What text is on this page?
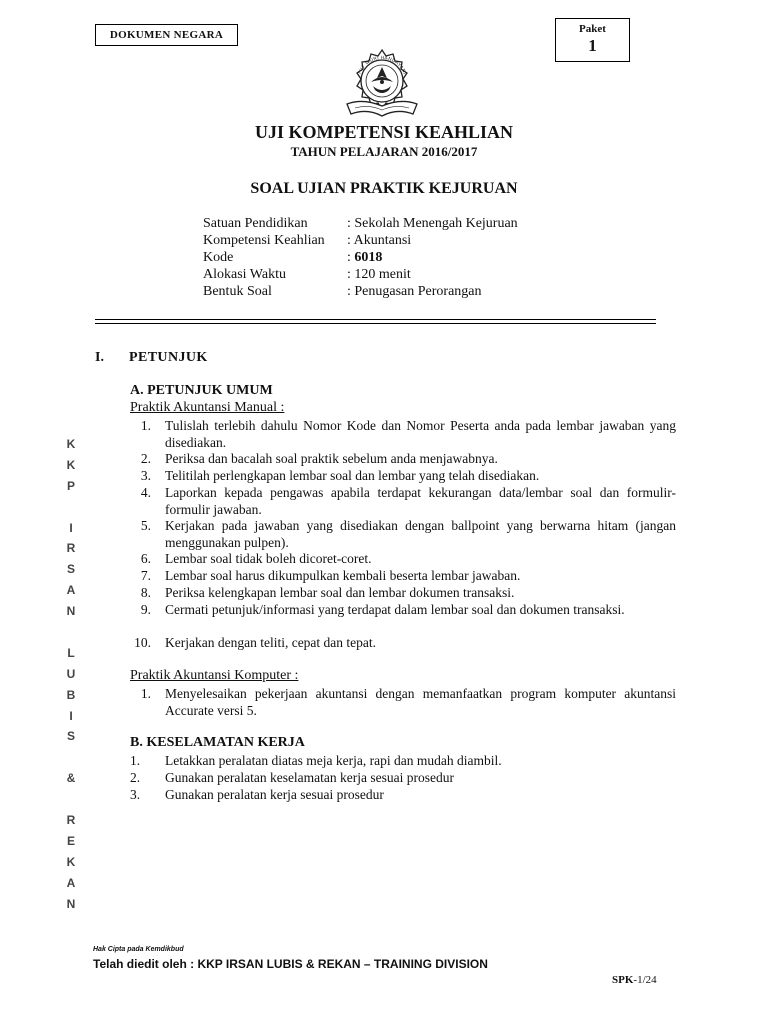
DOKUMEN NEGARA	Paket
1
TUT WURI HANDAYANI
UJI KOMPETENSI KEAHLIAN
TAHUN PELAJARAN 2016/2017
SOAL UJIAN PRAKTIK KEJURUAN
Satuan Pendidikan	: Sekolah Menengah Kejuruan
Kompetensi Keahlian : Akuntansi
Kode	: 6018
Alokasi Waktu	: 120 menit
Bentuk Soal	: Penugasan Perorangan
I. PETUNJUK
A. PETUNJUK UMUM
Praktik Akuntansi Manual :
1. Tulislah terlebih dahulu Nomor Kode dan Nomor Peserta anda pada lembar jawaban yang disediakan.
2. Periksa dan bacalah soal praktik sebelum anda menjawabnya.
3. Telitilah perlengkapan lembar soal dan lembar yang telah disediakan.
4. Laporkan kepada pengawas apabila terdapat kekurangan data/lembar soal dan formulir-formulir jawaban.
5. Kerjakan pada jawaban yang disediakan dengan ballpoint yang berwarna hitam (jangan menggunakan pulpen).
6. Lembar soal tidak boleh dicoret-coret.
7. Lembar soal harus dikumpulkan kembali beserta lembar jawaban.
8. Periksa kelengkapan lembar soal dan lembar dokumen transaksi.
9. Cermati petunjuk/informasi yang terdapat dalam lembar soal dan dokumen transaksi.
10. Kerjakan dengan teliti, cepat dan tepat.
Praktik Akuntansi Komputer :
1. Menyelesaikan pekerjaan akuntansi dengan memanfaatkan program komputer akuntansi Accurate versi 5.
B. KESELAMATAN KERJA
1. Letakkan peralatan diatas meja kerja, rapi dan mudah diambil.
2. Gunakan peralatan keselamatan kerja sesuai prosedur
3. Gunakan peralatan kerja sesuai prosedur
K
K
P
I
R
S
A
N
L
U
B
I
S
&
R
E
K
A
N
Hak Cipta pada Kemdikbud
Telah diedit oleh : KKP IRSAN LUBIS & REKAN – TRAINING DIVISION
SPK-1/24
